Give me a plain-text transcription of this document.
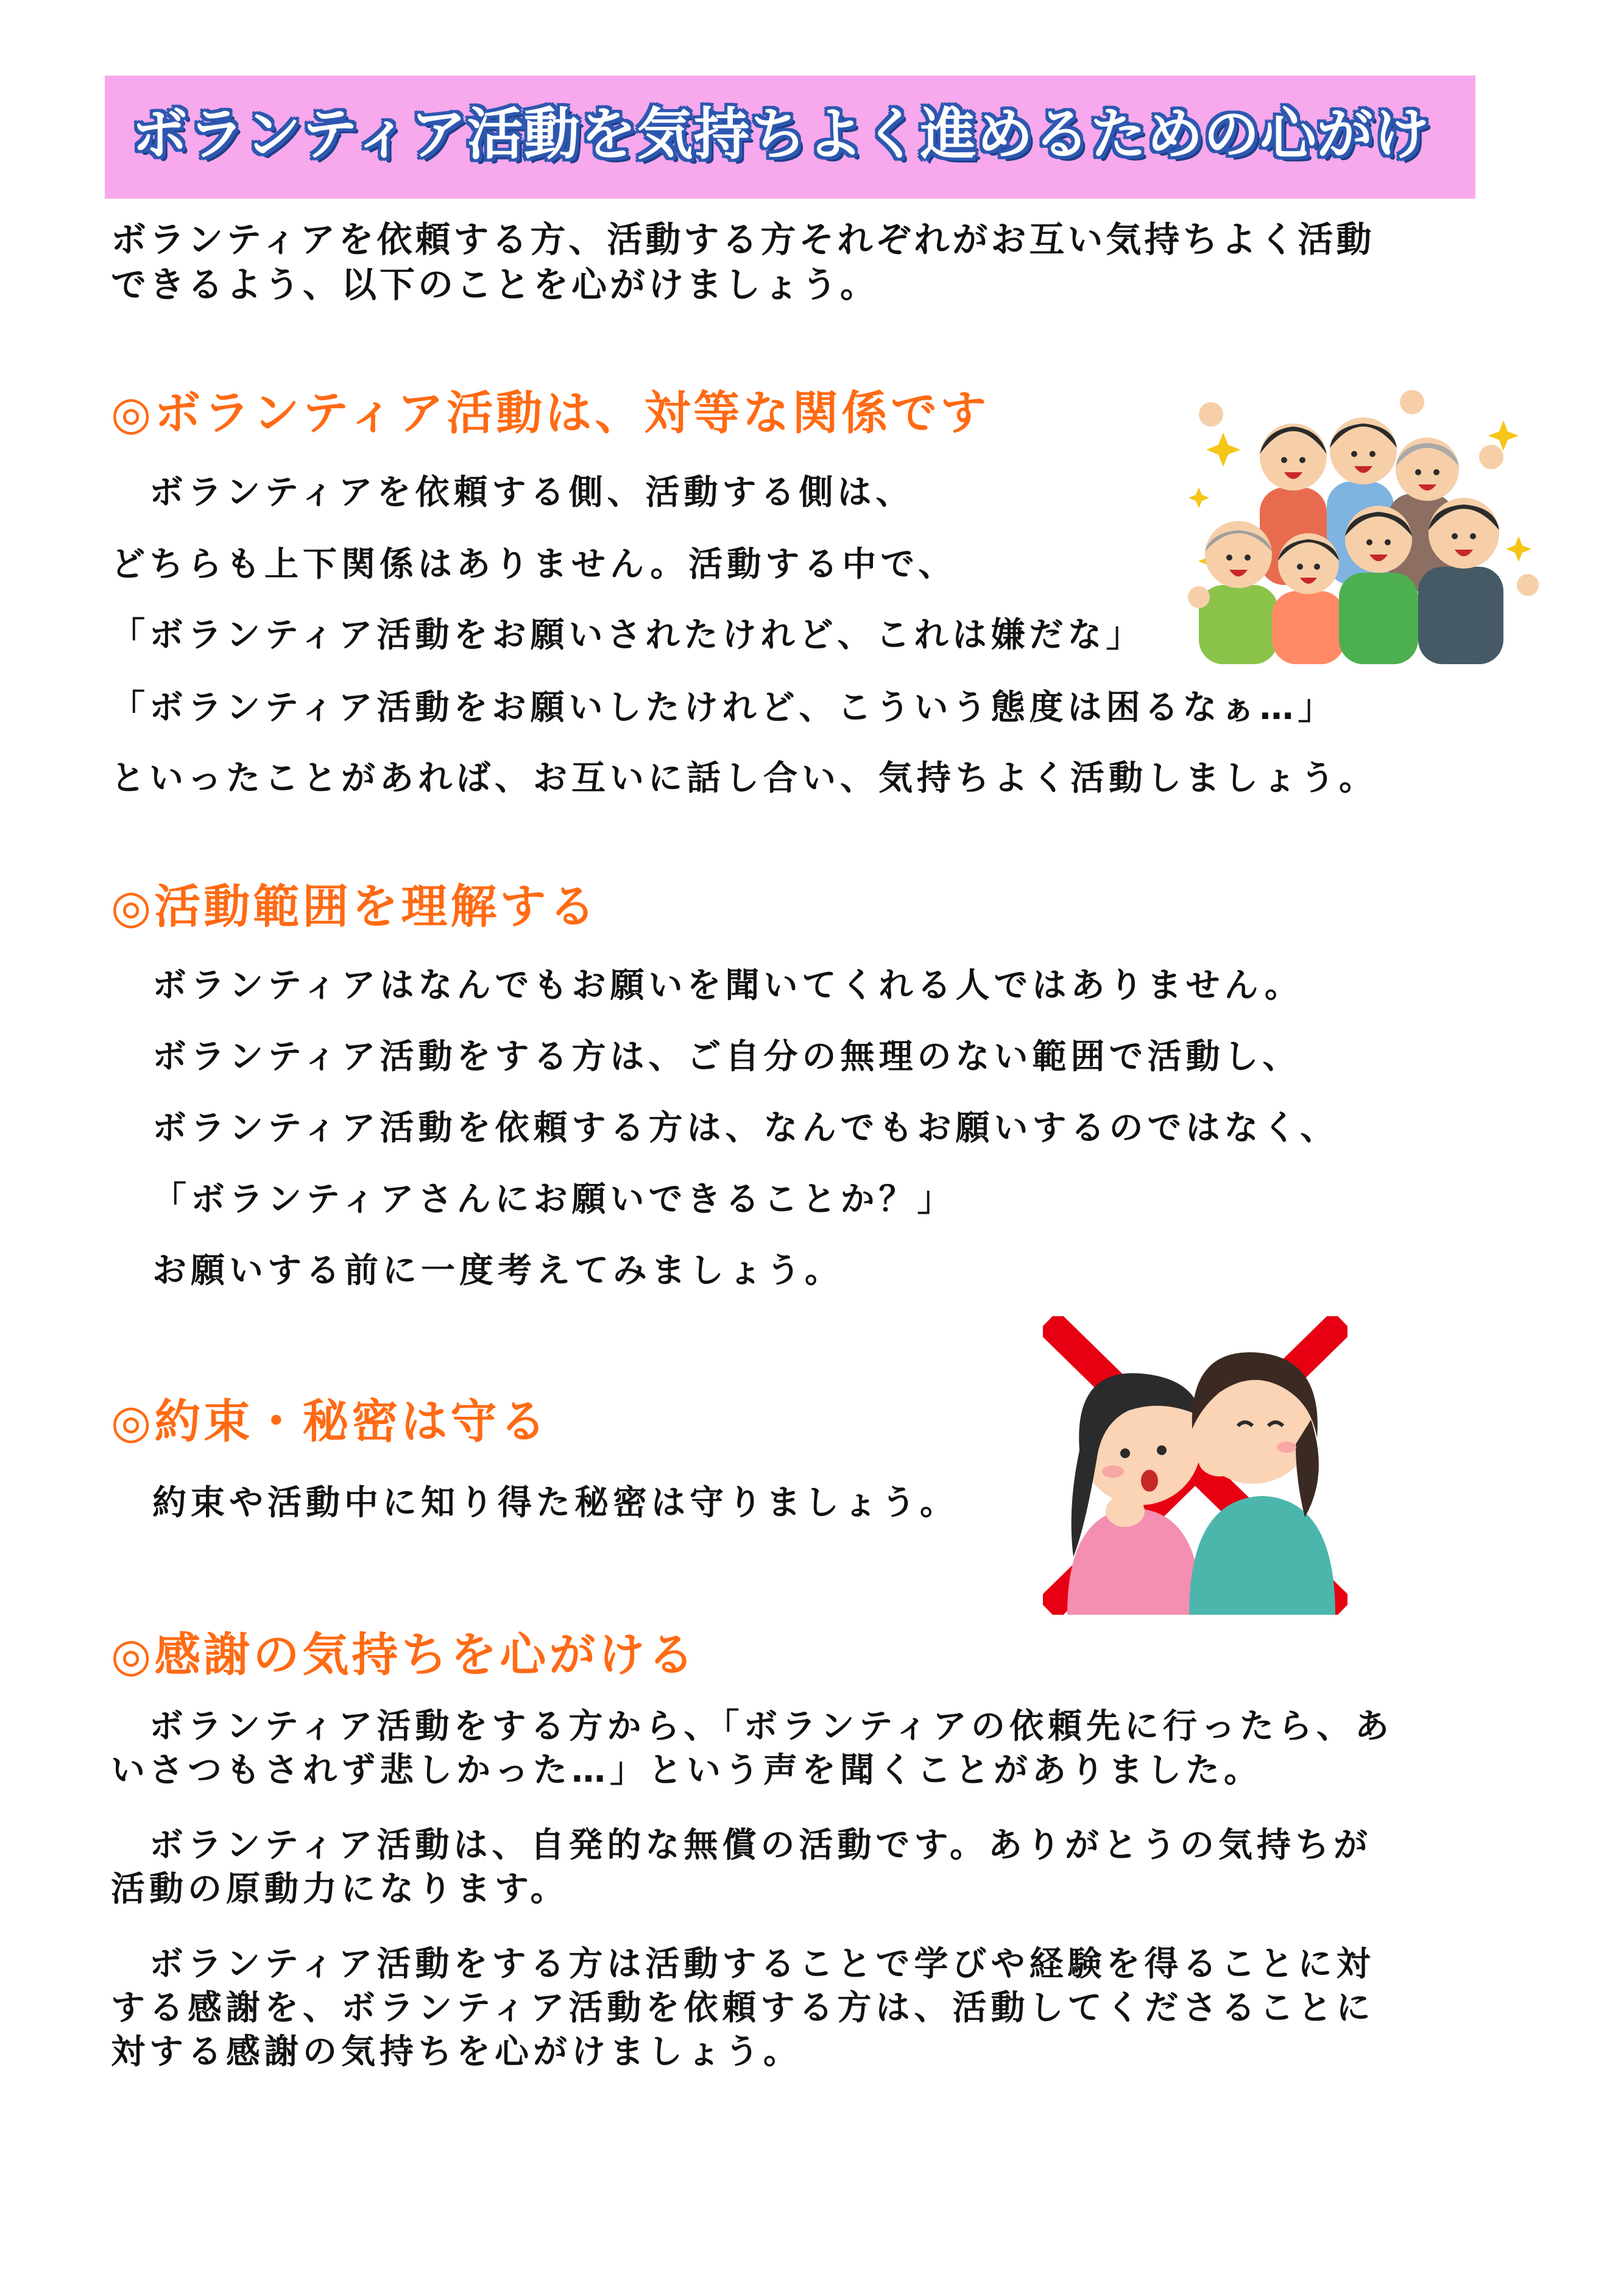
ボランティア活動を気持ちよく進めるための心がけ

ボランティアを依頼する方、活動する方それぞれがお互い気持ちよく活動

できるよう、以下のことを心がけましょう。

◎ボランティア活動は、対等な関係です

　ボランティアを依頼する側、活動する側は、

どちらも上下関係はありません。活動する中で、

「ボランティア活動をお願いされたけれど、これは嫌だな」

「ボランティア活動をお願いしたけれど、こういう態度は困るなぁ…」

といったことがあれば、お互いに話し合い、気持ちよく活動しましょう。

◎活動範囲を理解する

ボランティアはなんでもお願いを聞いてくれる人ではありません。

ボランティア活動をする方は、ご自分の無理のない範囲で活動し、

ボランティア活動を依頼する方は、なんでもお願いするのではなく、

「ボランティアさんにお願いできることか？」

お願いする前に一度考えてみましょう。

◎約束・秘密は守る

約束や活動中に知り得た秘密は守りましょう。

◎感謝の気持ちを心がける
　ボランティア活動をする方から、「ボランティアの依頼先に行ったら、あ
いさつもされず悲しかった…」という声を聞くことがありました。
　ボランティア活動は、自発的な無償の活動です。ありがとうの気持ちが
活動の原動力になります。
　ボランティア活動をする方は活動することで学びや経験を得ることに対
する感謝を、ボランティア活動を依頼する方は、活動してくださることに
対する感謝の気持ちを心がけましょう。
